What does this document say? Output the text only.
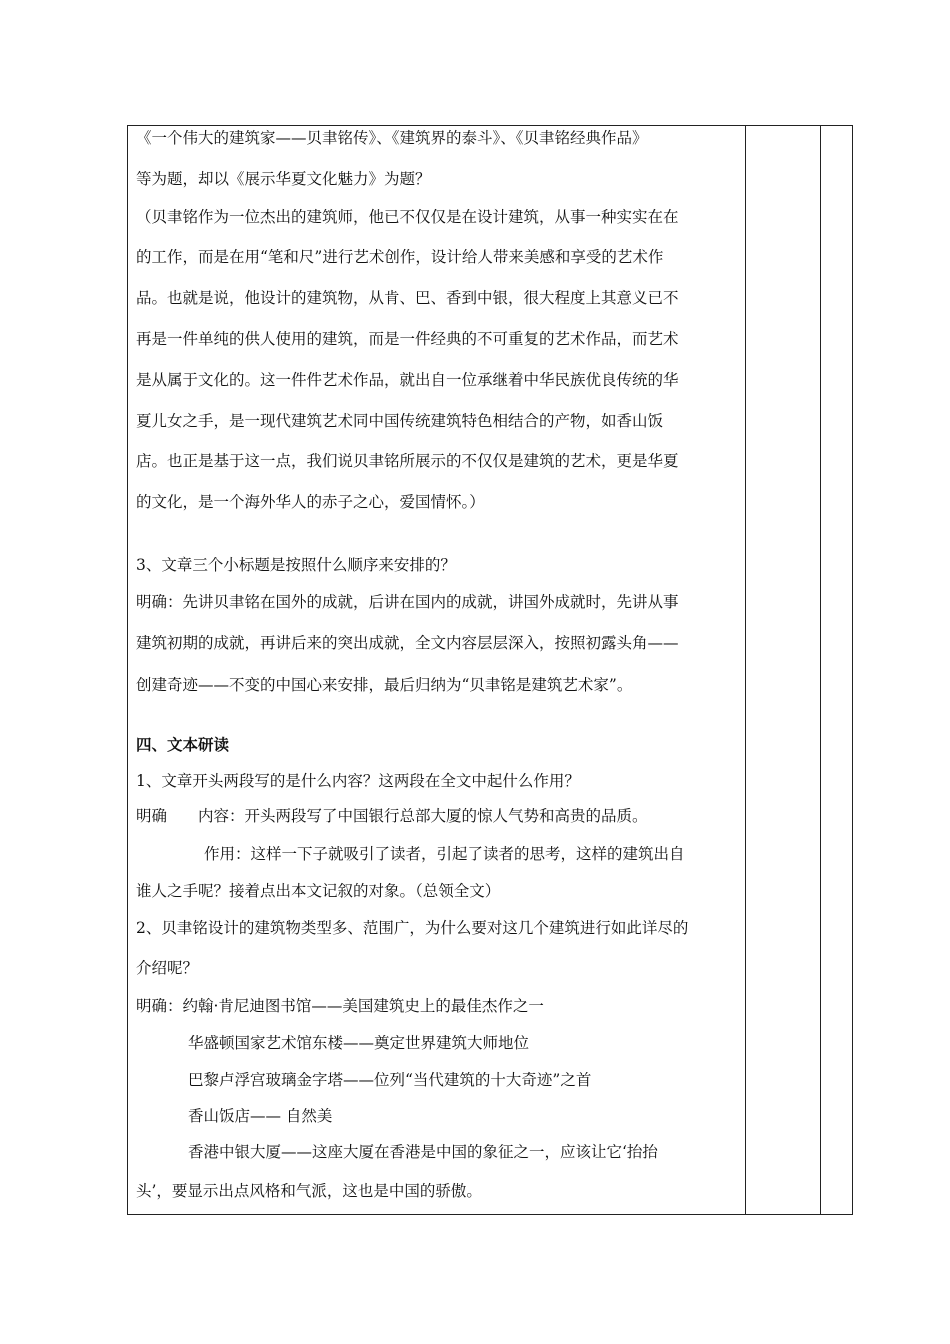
《一个伟大的建筑家——贝聿铭传》、《建筑界的泰斗》、《贝聿铭经典作品》
等为题，却以《展示华夏文化魅力》为题？
（贝聿铭作为一位杰出的建筑师，他已不仅仅是在设计建筑，从事一种实实在在
的工作，而是在用“笔和尺”进行艺术创作，设计给人带来美感和享受的艺术作
品。也就是说，他设计的建筑物，从肯、巴、香到中银，很大程度上其意义已不
再是一件单纯的供人使用的建筑，而是一件经典的不可重复的艺术作品，而艺术
是从属于文化的。这一件件艺术作品，就出自一位承继着中华民族优良传统的华
夏儿女之手，是一现代建筑艺术同中国传统建筑特色相结合的产物，如香山饭
店。也正是基于这一点，我们说贝聿铭所展示的不仅仅是建筑的艺术，更是华夏
的文化，是一个海外华人的赤子之心，爱国情怀。）
3、文章三个小标题是按照什么顺序来安排的？
明确：先讲贝聿铭在国外的成就，后讲在国内的成就，讲国外成就时，先讲从事
建筑初期的成就，再讲后来的突出成就，全文内容层层深入，按照初露头角——
创建奇迹——不变的中国心来安排，最后归纳为“贝聿铭是建筑艺术家”。
四、文本研读
1、文章开头两段写的是什么内容？这两段在全文中起什么作用？
明确　　内容：开头两段写了中国银行总部大厦的惊人气势和高贵的品质。
作用：这样一下子就吸引了读者，引起了读者的思考，这样的建筑出自
谁人之手呢？接着点出本文记叙的对象。（总领全文）
2、贝聿铭设计的建筑物类型多、范围广，为什么要对这几个建筑进行如此详尽的
介绍呢？
明确：约翰·肯尼迪图书馆——美国建筑史上的最佳杰作之一
华盛顿国家艺术馆东楼——奠定世界建筑大师地位
巴黎卢浮宫玻璃金字塔——位列“当代建筑的十大奇迹”之首
香山饭店—— 自然美
香港中银大厦——这座大厦在香港是中国的象征之一，应该让它‘抬抬
头’，要显示出点风格和气派，这也是中国的骄傲。
